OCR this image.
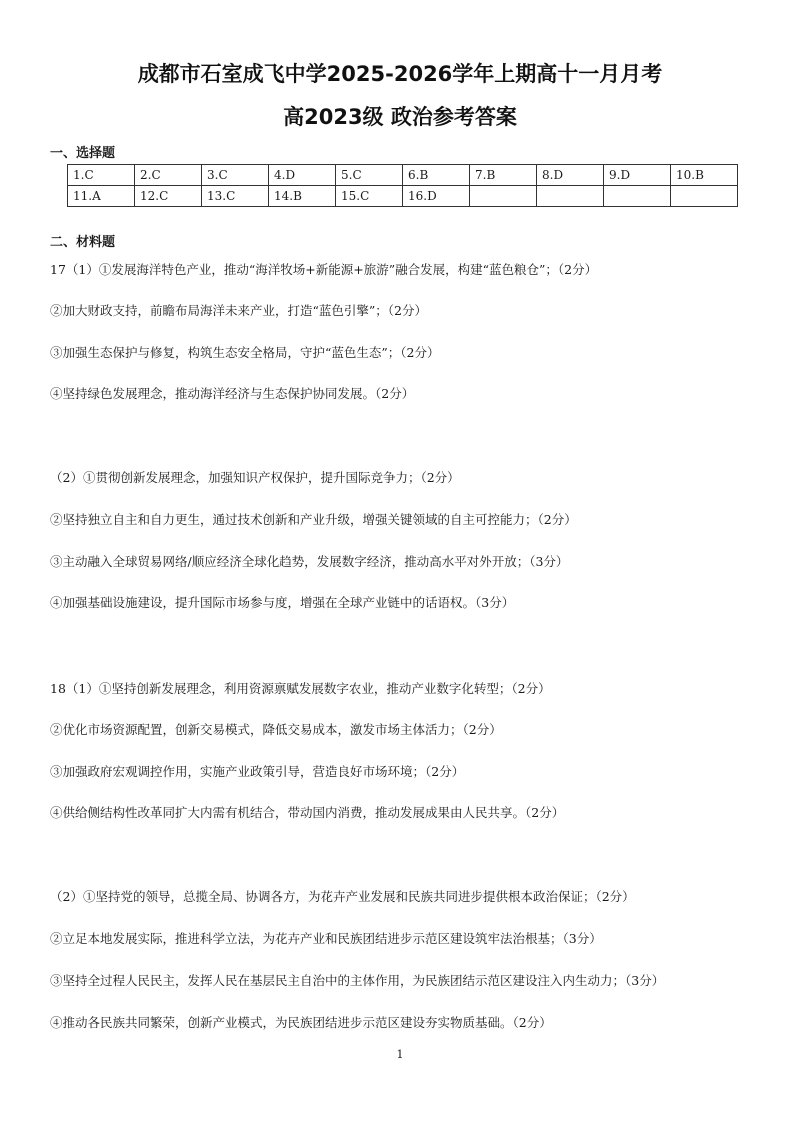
成都市石室成飞中学2025-2026学年上期高十一月月考
高2023级 政治参考答案
一、选择题
1.C	2.C	3.C	4.D	5.C	6.B	7.B	8.D	9.D	10.B
11.A	12.C	13.C	14.B	15.C	16.D				
二、材料题
17（1）①发展海洋特色产业，推动“海洋牧场+新能源+旅游”融合发展，构建“蓝色粮仓”；（2分）
②加大财政支持，前瞻布局海洋未来产业，打造“蓝色引擎”；（2分）
③加强生态保护与修复，构筑生态安全格局，守护“蓝色生态”；（2分）
④坚持绿色发展理念，推动海洋经济与生态保护协同发展。（2分）
（2）①贯彻创新发展理念，加强知识产权保护，提升国际竞争力；（2分）
②坚持独立自主和自力更生，通过技术创新和产业升级，增强关键领域的自主可控能力；（2分）
③主动融入全球贸易网络/顺应经济全球化趋势，发展数字经济，推动高水平对外开放；（3分）
④加强基础设施建设，提升国际市场参与度，增强在全球产业链中的话语权。（3分）
18（1）①坚持创新发展理念，利用资源禀赋发展数字农业，推动产业数字化转型；（2分）
②优化市场资源配置，创新交易模式，降低交易成本，激发市场主体活力；（2分）
③加强政府宏观调控作用，实施产业政策引导，营造良好市场环境；（2分）
④供给侧结构性改革同扩大内需有机结合，带动国内消费，推动发展成果由人民共享。（2分）
（2）①坚持党的领导，总揽全局、协调各方，为花卉产业发展和民族共同进步提供根本政治保证；（2分）
②立足本地发展实际，推进科学立法，为花卉产业和民族团结进步示范区建设筑牢法治根基；（3分）
③坚持全过程人民民主，发挥人民在基层民主自治中的主体作用，为民族团结示范区建设注入内生动力；（3分）
④推动各民族共同繁荣，创新产业模式，为民族团结进步示范区建设夯实物质基础。（2分）
1
